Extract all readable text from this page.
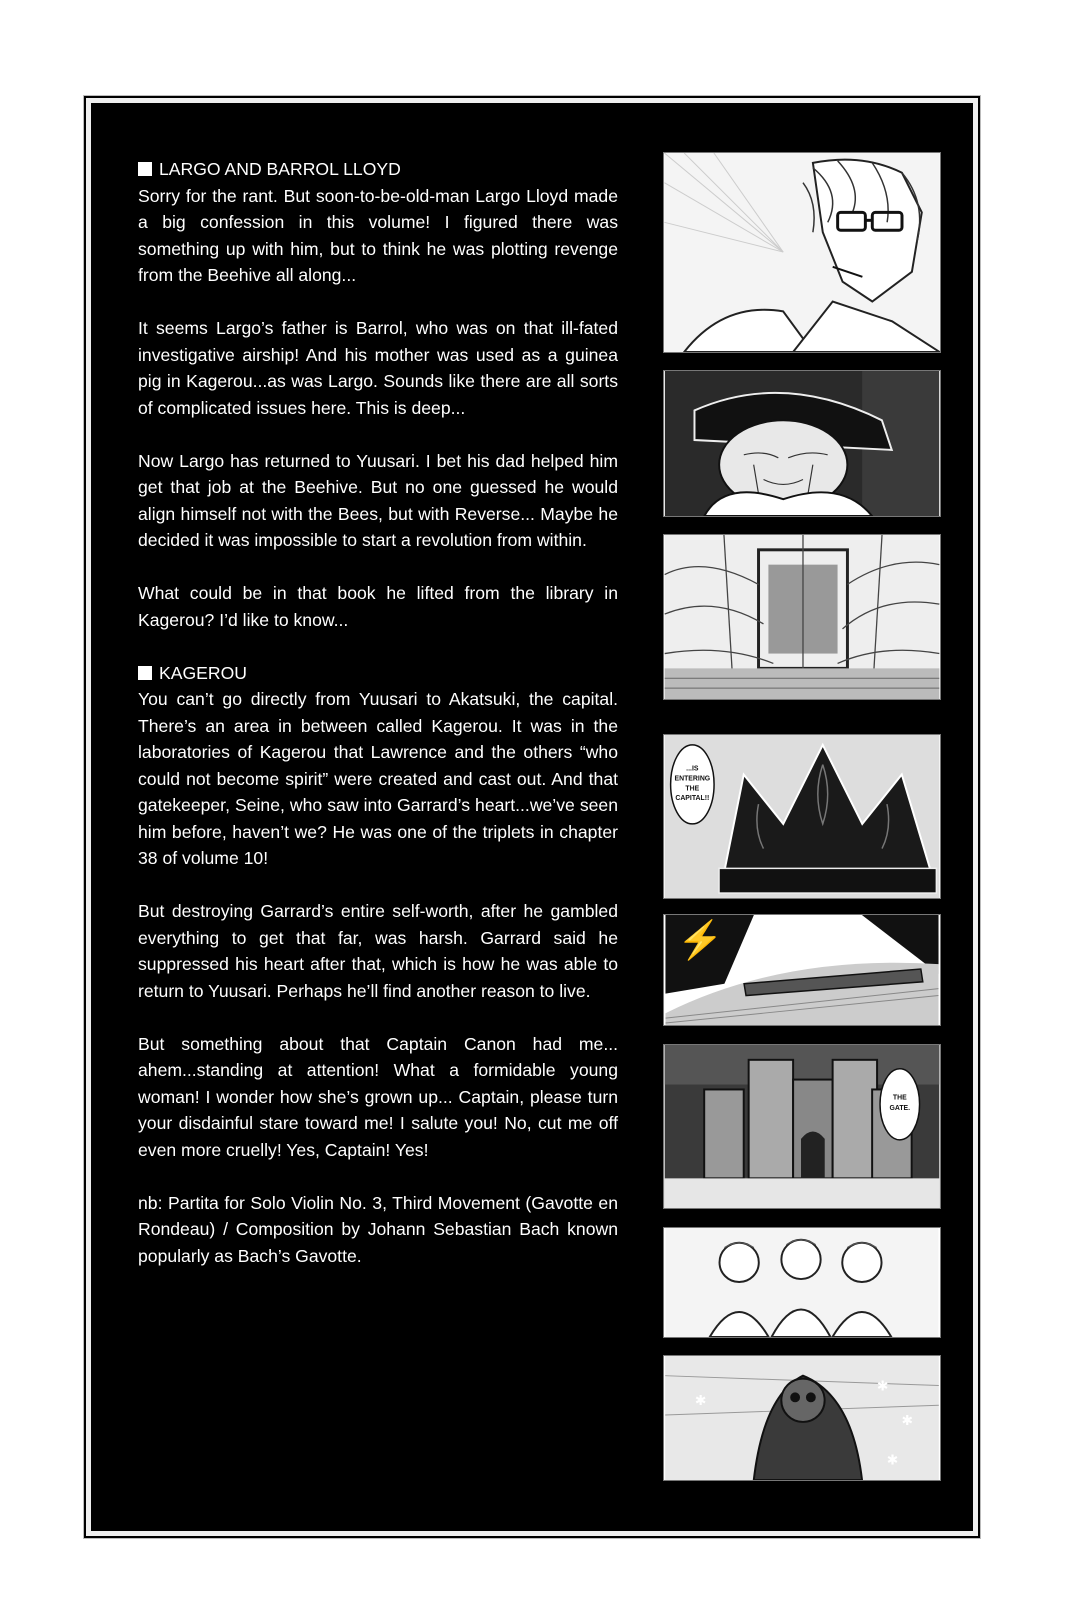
LARGO AND BARROL LLOYD

Sorry for the rant. But soon-to-be-old-man Largo Lloyd made a big confession in this volume! I figured there was something up with him, but to think he was plotting revenge from the Beehive all along...

It seems Largo’s father is Barrol, who was on that ill-fated investigative airship! And his mother was used as a guinea pig in Kagerou...as was Largo. Sounds like there are all sorts of complicated issues here. This is deep...

Now Largo has returned to Yuusari. I bet his dad helped him get that job at the Beehive. But no one guessed he would align himself not with the Bees, but with Reverse... Maybe he decided it was impossible to start a revolution from within.

What could be in that book he lifted from the library in Kagerou? I’d like to know...

KAGEROU

You can’t go directly from Yuusari to Akatsuki, the capital. There’s an area in between called Kagerou. It was in the laboratories of Kagerou that Lawrence and the others “who could not become spirit” were created and cast out. And that gatekeeper, Seine, who saw into Garrard’s heart...we’ve seen him before, haven’t we? He was one of the triplets in chapter 38 of volume 10!

But destroying Garrard’s entire self-worth, after he gambled everything to get that far, was harsh. Garrard said he suppressed his heart after that, which is how he was able to return to Yuusari. Perhaps he’ll find another reason to live.

But something about that Captain Canon had me... ahem...standing at attention! What a formidable young woman! I wonder how she’s grown up... Captain, please turn your disdainful stare toward me! I salute you! No, cut me off even more cruelly! Yes, Captain! Yes!

nb: Partita for Solo Violin No. 3, Third Movement (Gavotte en Rondeau) / Composition by Johann Sebastian Bach known popularly as Bach’s Gavotte.

...IS ENTERING THE CAPITAL!!
⚡
THE GATE.
✱
✱
✱
✱
